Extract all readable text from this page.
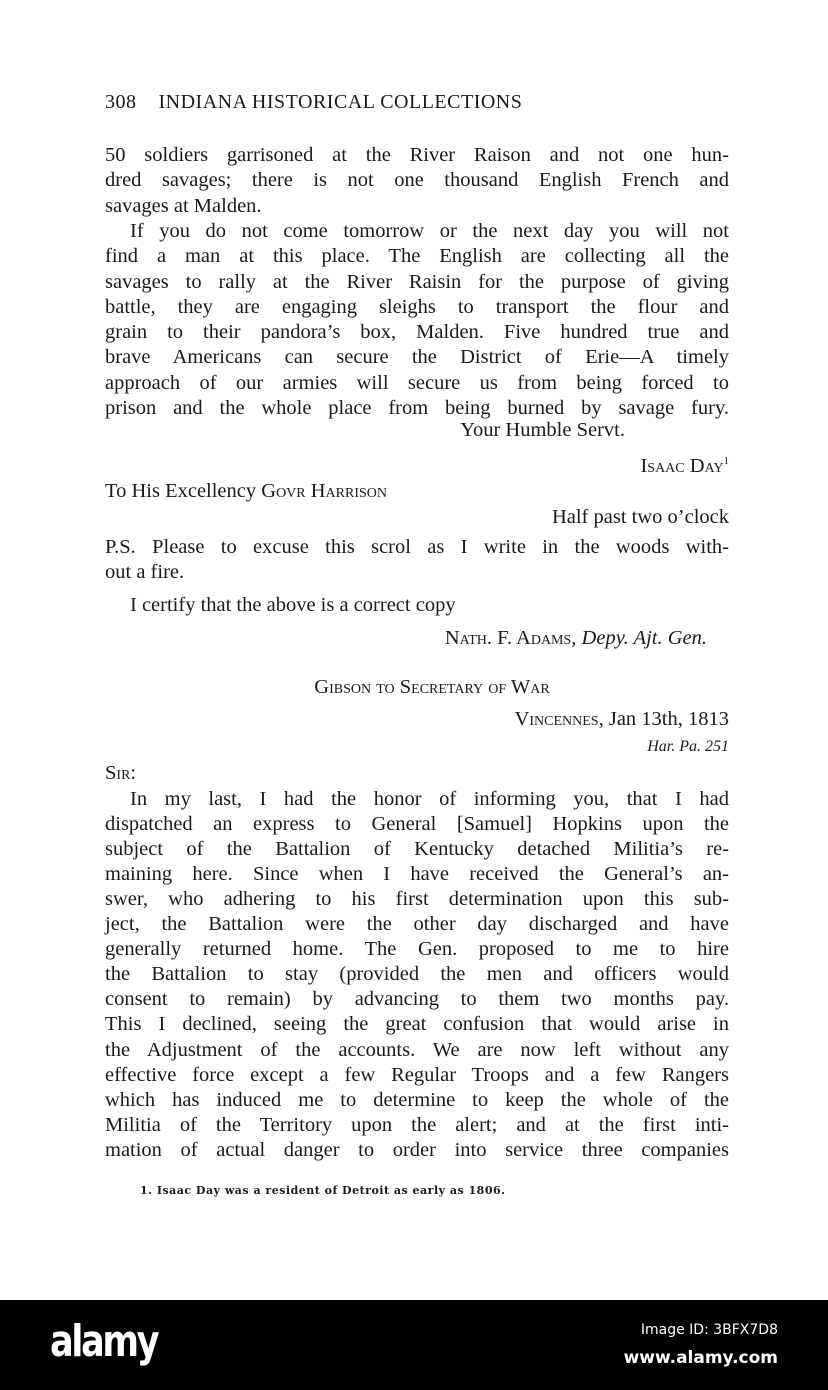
308 INDIANA HISTORICAL COLLECTIONS
50 soldiers garrisoned at the River Raison and not one hun-
dred savages; there is not one thousand English French and
savages at Malden.
If you do not come tomorrow or the next day you will not
find a man at this place. The English are collecting all the
savages to rally at the River Raisin for the purpose of giving
battle, they are engaging sleighs to transport the flour and
grain to their pandora’s box, Malden. Five hundred true and
brave Americans can secure the District of Erie—A timely
approach of our armies will secure us from being forced to
prison and the whole place from being burned by savage fury.
Your Humble Servt.
Isaac Day$^1$
To His Excellency Govr Harrison
Half past two o’clock
P.S. Please to excuse this scrol as I write in the woods with-
out a fire.
I certify that the above is a correct copy
Nath. F. Adams, Depy. Ajt. Gen.
Gibson to Secretary of War
Vincennes, Jan 13th, 1813
Har. Pa. 251
Sir:
In my last, I had the honor of informing you, that I had
dispatched an express to General [Samuel] Hopkins upon the
subject of the Battalion of Kentucky detached Militia’s re-
maining here. Since when I have received the General’s an-
swer, who adhering to his first determination upon this sub-
ject, the Battalion were the other day discharged and have
generally returned home. The Gen. proposed to me to hire
the Battalion to stay (provided the men and officers would
consent to remain) by advancing to them two months pay.
This I declined, seeing the great confusion that would arise in
the Adjustment of the accounts. We are now left without any
effective force except a few Regular Troops and a few Rangers
which has induced me to determine to keep the whole of the
Militia of the Territory upon the alert; and at the first inti-
mation of actual danger to order into service three companies
1. Isaac Day was a resident of Detroit as early as 1806.
alamy	Image ID: 3BFX7D8
www.alamy.com
